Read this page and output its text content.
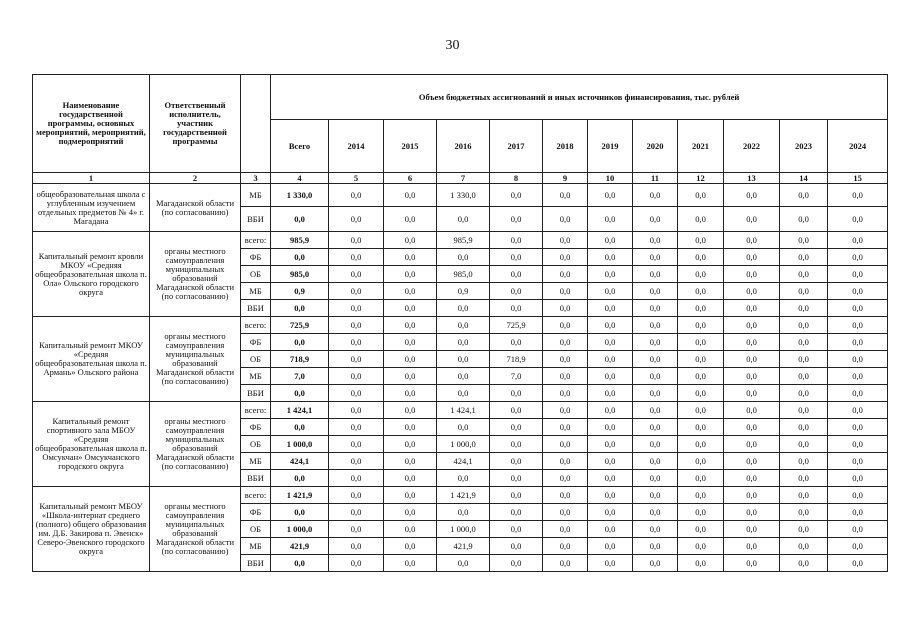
30
Наименование государственной программы, основных мероприятий, мероприятий, подмероприятий	Ответственный исполнитель, участник государственной программы		Объем бюджетных ассигнований и иных источников финансирования, тыс. рублей											
			Всего	2014	2015	2016	2017	2018	2019	2020	2021	2022	2023	2024
1	2	3	4	5	6	7	8	9	10	11	12	13	14	15
общеобразовательная школа с углубленным изучением отдельных предметов № 4» г. Магадана	Магаданской области (по согласованию)	МБ	1 330,0	0,0	0,0	1 330,0	0,0	0,0	0,0	0,0	0,0	0,0	0,0	0,0
		ВБИ	0,0	0,0	0,0	0,0	0,0	0,0	0,0	0,0	0,0	0,0	0,0	0,0
Капитальный ремонт кровли МКОУ «Средняя общеобразовательная школа п. Ола» Ольского городского округа	органы местного самоуправления муниципальных образований Магаданской области (по согласованию)	всего:	985,9	0,0	0,0	985,9	0,0	0,0	0,0	0,0	0,0	0,0	0,0	0,0
		ФБ	0,0	0,0	0,0	0,0	0,0	0,0	0,0	0,0	0,0	0,0	0,0	0,0
		ОБ	985,0	0,0	0,0	985,0	0,0	0,0	0,0	0,0	0,0	0,0	0,0	0,0
		МБ	0,9	0,0	0,0	0,9	0,0	0,0	0,0	0,0	0,0	0,0	0,0	0,0
		ВБИ	0,0	0,0	0,0	0,0	0,0	0,0	0,0	0,0	0,0	0,0	0,0	0,0
Капитальный ремонт МКОУ «Средняя общеобразовательная школа п. Армань» Ольского района	органы местного самоуправления муниципальных образований Магаданской области (по согласованию)	всего:	725,9	0,0	0,0	0,0	725,9	0,0	0,0	0,0	0,0	0,0	0,0	0,0
		ФБ	0,0	0,0	0,0	0,0	0,0	0,0	0,0	0,0	0,0	0,0	0,0	0,0
		ОБ	718,9	0,0	0,0	0,0	718,9	0,0	0,0	0,0	0,0	0,0	0,0	0,0
		МБ	7,0	0,0	0,0	0,0	7,0	0,0	0,0	0,0	0,0	0,0	0,0	0,0
		ВБИ	0,0	0,0	0,0	0,0	0,0	0,0	0,0	0,0	0,0	0,0	0,0	0,0
Капитальный ремонт спортивного зала МБОУ «Средняя общеобразовательная школа п. Омсукчан» Омсукчанского городского округа	органы местного самоуправления муниципальных образований Магаданской области (по согласованию)	всего:	1 424,1	0,0	0,0	1 424,1	0,0	0,0	0,0	0,0	0,0	0,0	0,0	0,0
		ФБ	0,0	0,0	0,0	0,0	0,0	0,0	0,0	0,0	0,0	0,0	0,0	0,0
		ОБ	1 000,0	0,0	0,0	1 000,0	0,0	0,0	0,0	0,0	0,0	0,0	0,0	0,0
		МБ	424,1	0,0	0,0	424,1	0,0	0,0	0,0	0,0	0,0	0,0	0,0	0,0
		ВБИ	0,0	0,0	0,0	0,0	0,0	0,0	0,0	0,0	0,0	0,0	0,0	0,0
Капитальный ремонт МБОУ «Школа-интернат среднего (полного) общего образования им. Д.Б. Закирова п. Эвенск» Северо-Эвенского городского округа	органы местного самоуправления муниципальных образований Магаданской области (по согласованию)	всего:	1 421,9	0,0	0,0	1 421,9	0,0	0,0	0,0	0,0	0,0	0,0	0,0	0,0
		ФБ	0,0	0,0	0,0	0,0	0,0	0,0	0,0	0,0	0,0	0,0	0,0	0,0
		ОБ	1 000,0	0,0	0,0	1 000,0	0,0	0,0	0,0	0,0	0,0	0,0	0,0	0,0
		МБ	421,9	0,0	0,0	421,9	0,0	0,0	0,0	0,0	0,0	0,0	0,0	0,0
		ВБИ	0,0	0,0	0,0	0,0	0,0	0,0	0,0	0,0	0,0	0,0	0,0	0,0
